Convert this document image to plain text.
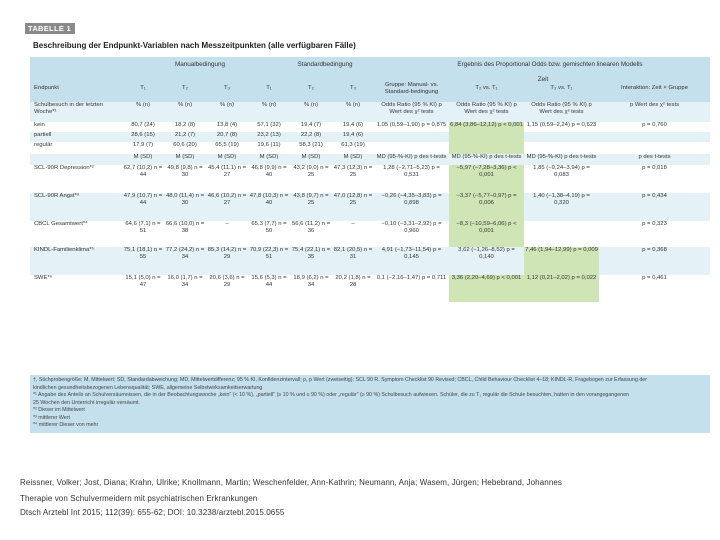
TABELLE 1
Beschreibung der Endpunkt-Variablen nach Messzeitpunkten (alle verfügbaren Fälle)
Manualbedingung	Standardbedingung	Ergebnis des Proportional Odds bzw. gemischten linearen Modells
Endpunkt	T₁	T₂	T₃	T₁	T₂	T₃	Gruppe: Manual- vs. Standard-bedingung	T₂ vs. T₁	T₃ vs. T₁	Interaktion: Zeit × Gruppe
Schulbesuch in der letzten Woche*¹	% (n)	% (n)	% (n)	% (n)	% (n)	% (n)	Odds Ratio (95 % KI) p Wert des χ² tests	Odds Ratio (95 % KI) p Wert des χ² tests	Odds Ratio (95 % KI) p Wert des χ² tests	p Wert des χ² tests
kein	80,7 (24)	18,2 (8)	13,8 (4)	57,1 (32)	19,4 (7)	19,4 (6)	1,05 (0,59–1,90) p = 0,875	6,84 (3,86–12,12) p < 0,001	1,15 (0,59–2,24) p = 0,623	p = 0,760
partiell	28,6 (15)	21,2 (7)	20,7 (8)	23,2 (13)	22,2 (8)	19,4 (6)				
regulär	17,9 (7)	60,6 (20)	65,5 (19)	19,6 (11)	58,3 (21)	61,3 (19)				
	M (SD)	M (SD)	M (SD)	M (SD)	M (SD)	M (SD)	MD (95-%-KI) p des t-tests	MD (95-%-KI) p des t-tests	MD (95-%-KI) p des t-tests	p des t-tests
SCL-90R Depression*²	62,7 (10,2) n = 44	49,8 (9,8) n = 30	45,4 (11,1) n = 27	46,8 (9,9) n = 40	43,2 (9,0) n = 25	47,3 (12,3) n = 25	1,28 (−2,71–5,23) p = 0,531	−5,97 (−7,28–3,36) p < 0,001	1,85 (−0,24–3,94) p = 0,083	p = 0,018
SCL-90R Angst*³	47,9 (10,7) n = 44	48,0 (11,4) n = 30	46,6 (10,2) n = 27	47,8 (10,3) n = 40	43,8 (9,7) n = 25	47,0 (12,8) n = 25	−0,26 (−4,35–3,83) p = 0,898	−3,37 (−5,77–0,97) p = 0,006	1,40 (−1,38–4,19) p = 0,320	p = 0,434
CBCL Gesamtwert*⁴	64,6 (7,1) n = 51	66,6 (10,0) n = 38	–	65,3 (7,7) n = 50	56,6 (11,2) n = 36	–	−0,10 (−3,31–2,92) p = 0,960	−8,3 (−10,59–6,06) p < 0,001		p = 0,323
KINDL-Familienklima*⁵	75,1 (18,1) n = 55	77,2 (24,2) n = 34	85,3 (14,2) n = 29	70,9 (22,3) n = 51	75,4 (22,1) n = 35	82,1 (20,5) n = 31	4,91 (−1,73–11,54) p = 0,145	3,62 (−1,26–8,52) p = 0,140	7,46 (1,94–12,99) p = 0,009	p = 0,368
SWE*⁶	15,1 (5,0) n = 47	16,0 (1,7) n = 34	20,6 (3,6) n = 29	15,6 (5,3) n = 44	18,9 (6,2) n = 34	20,2 (1,8) n = 28	0,1 (−2,16–1,47) p = 0,711	3,36 (2,20–4,69) p < 0,001	1,12 (0,21–2,02) p = 0,022	p = 0,461
Zeit
†, Stichprobengröße; M, Mittelwert; SD, Standardabweichung; MD, Mittelwertdifferenz; 95 % KI, Konfidenzintervall; p, p Wert (zweiseitig); SCL 90 R, Symptom Checklist 90 Revised; CBCL, Child Behaviour Checklist 4–18; KINDL-R, Fragebogen zur Erfassung der
kindlichen gesundheitsbezogenen Lebensqualität; SWE, allgemeine Selbstwirksamkeitserwartung
*¹ Angabe des Anteils an Schulversäumnissen, die in der Beobachtungswoche „kein" (< 10 %), „partiell" (≥ 10 % und ≤ 90 %) oder „regulär" (≥ 90 %) Schulbesuch aufwiesen. Schüler, die zu T₁ regulär die Schule besuchten, hatten in den vorangegangenen
25 Wochen den Unterricht irregulär versäumt.
*² Dieser im Mittelwert
*³ mittlerer Wert
*⁴ mittlerer Dieser von mehr
Reissner, Volker; Jost, Diana; Krahn, Ulrike; Knollmann, Martin; Weschenfelder, Ann-Kathrin; Neumann, Anja; Wasem, Jürgen; Hebebrand, Johannes
Therapie von Schulvermeidern mit psychiatrischen Erkrankungen
Dtsch Arztebl Int 2015; 112(39): 655-62; DOI: 10.3238/arztebl.2015.0655
